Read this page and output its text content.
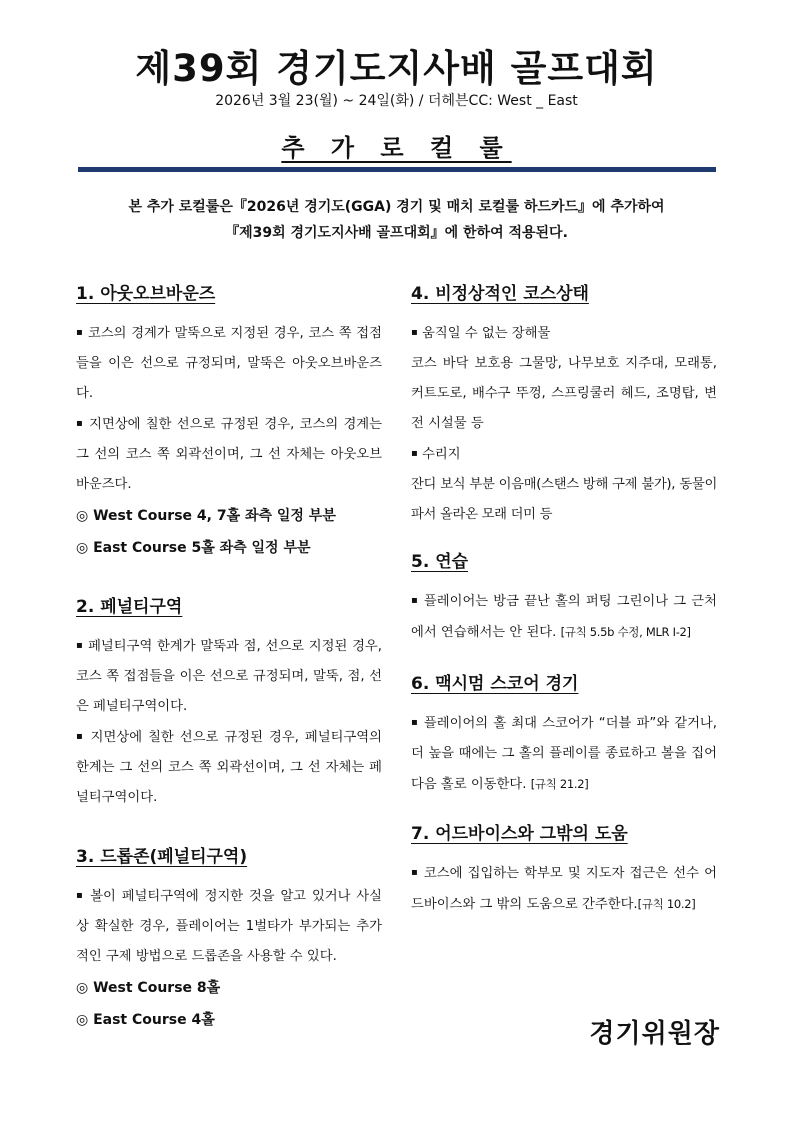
제39회 경기도지사배 골프대회
2026년 3월 23(월) ~ 24일(화) / 더헤븐CC: West _ East
추 가 로 컬 룰
본 추가 로컬룰은『2026년 경기도(GGA) 경기 및 매치 로컬룰 하드카드』에 추가하여
『제39회 경기도지사배 골프대회』에 한하여 적용된다.
1. 아웃오브바운즈

▪ 코스의 경계가 말뚝으로 지정된 경우, 코스 쪽 접점들을 이은 선으로 규정되며, 말뚝은 아웃오브바운즈다.

▪ 지면상에 칠한 선으로 규정된 경우, 코스의 경계는 그 선의 코스 쪽 외곽선이며, 그 선 자체는 아웃오브바운즈다.

◎ West Course 4, 7홀 좌측 일정 부분

◎ East Course 5홀 좌측 일정 부분

2. 페널티구역

▪ 페널티구역 한계가 말뚝과 점, 선으로 지정된 경우, 코스 쪽 접점들을 이은 선으로 규정되며, 말뚝, 점, 선은 페널티구역이다.

▪ 지면상에 칠한 선으로 규정된 경우, 페널티구역의 한계는 그 선의 코스 쪽 외곽선이며, 그 선 자체는 페널티구역이다.

3. 드롭존(페널티구역)

▪ 볼이 페널티구역에 정지한 것을 알고 있거나 사실상 확실한 경우, 플레이어는 1벌타가 부가되는 추가적인 구제 방법으로 드롭존을 사용할 수 있다.

◎ West Course 8홀

◎ East Course 4홀

4. 비정상적인 코스상태

▪ 움직일 수 없는 장해물

코스 바닥 보호용 그물망, 나무보호 지주대, 모래통, 커트도로, 배수구 뚜껑, 스프링쿨러 헤드, 조명탑, 변전 시설물 등

▪ 수리지

잔디 보식 부분 이음매(스탠스 방해 구제 불가), 동물이 파서 올라온 모래 더미 등

5. 연습

▪ 플레이어는 방금 끝난 홀의 퍼팅 그린이나 그 근처에서 연습해서는 안 된다. [규칙 5.5b 수정, MLR I-2]

6. 맥시멈 스코어 경기

▪ 플레이어의 홀 최대 스코어가 “더블 파”와 같거나, 더 높을 때에는 그 홀의 플레이를 종료하고 볼을 집어 다음 홀로 이동한다. [규칙 21.2]

7. 어드바이스와 그밖의 도움

▪ 코스에 집입하는 학부모 및 지도자 접근은 선수 어드바이스와 그 밖의 도움으로 간주한다.[규칙 10.2]

경기위원장
